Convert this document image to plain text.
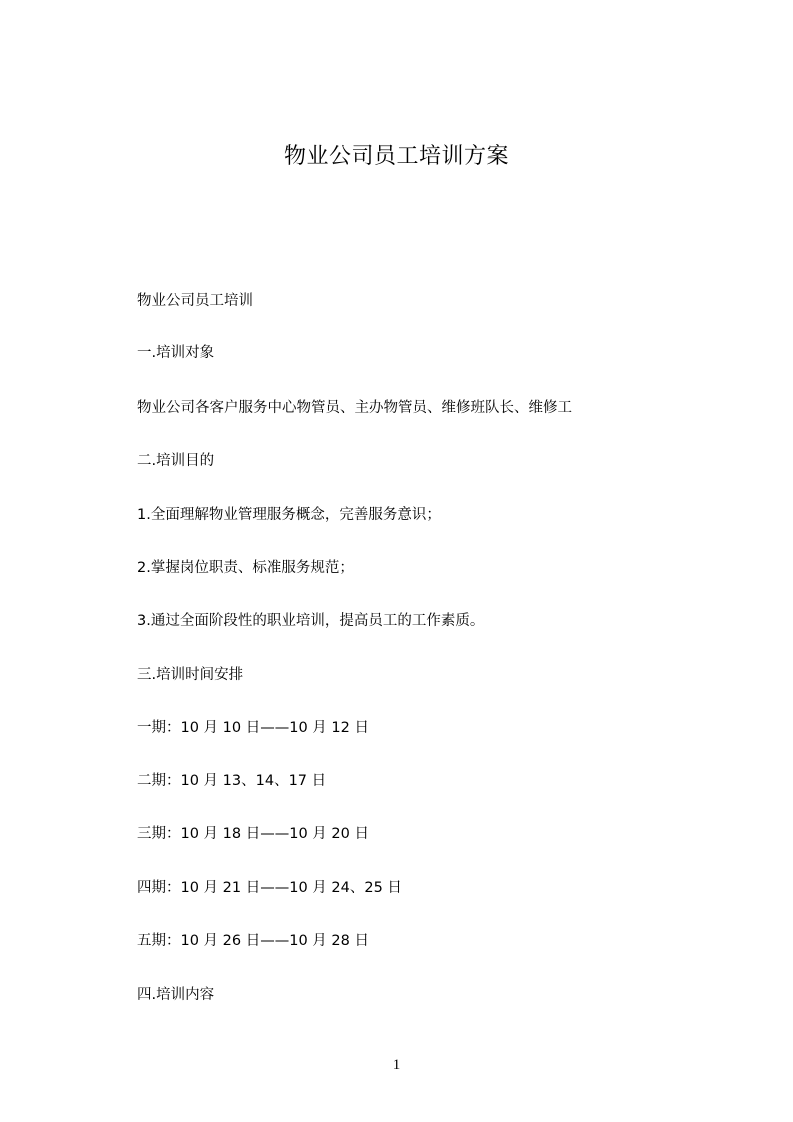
物业公司员工培训方案
物业公司员工培训
一.培训对象
物业公司各客户服务中心物管员、主办物管员、维修班队长、维修工
二.培训目的
1.全面理解物业管理服务概念，完善服务意识；
2.掌握岗位职责、标准服务规范；
3.通过全面阶段性的职业培训，提高员工的工作素质。
三.培训时间安排
一期：10 月 10 日——10 月 12 日
二期：10 月 13、14、17 日
三期：10 月 18 日——10 月 20 日
四期：10 月 21 日——10 月 24、25 日
五期：10 月 26 日——10 月 28 日
四.培训内容
1
